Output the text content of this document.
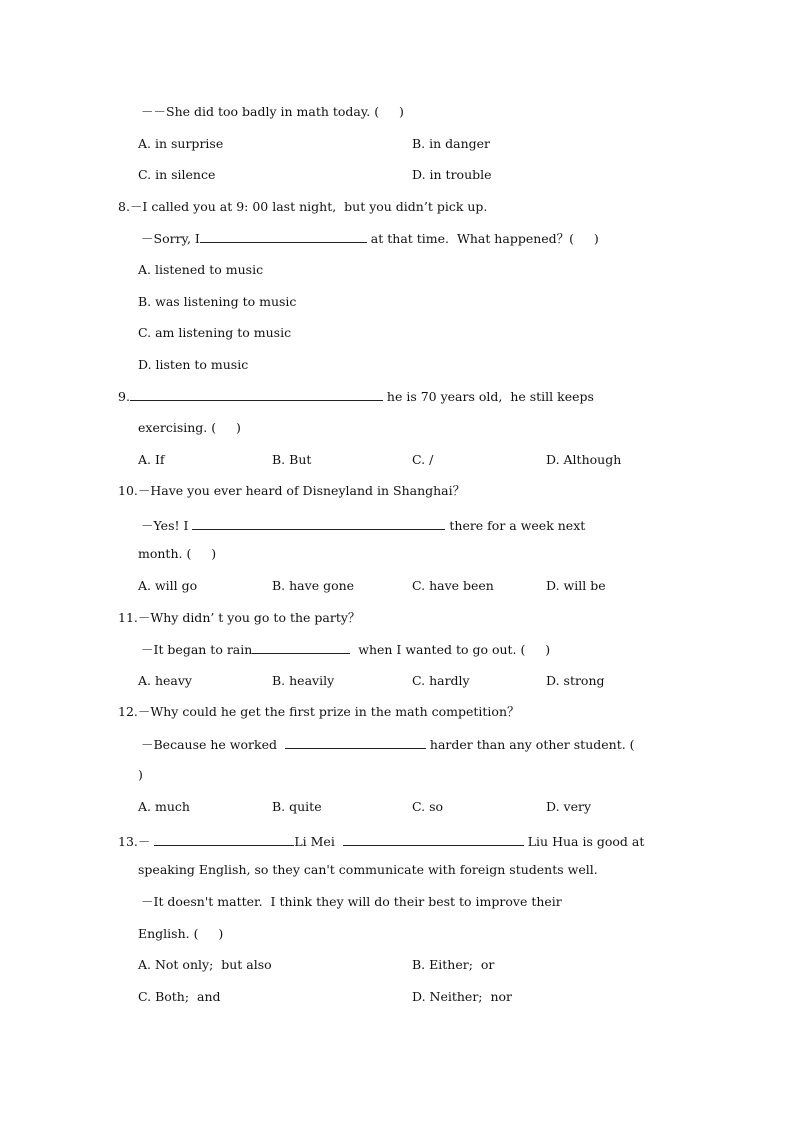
－－She did too badly in math today. (     )
A. in surprise	B. in danger
C. in silence	D. in trouble
8.－I called you at 9: 00 last night,  but you didn’t pick up.
－Sorry, I	at that time.  What happened？(     )
A. listened to music
B. was listening to music
C. am listening to music
D. listen to music
9.	he is 70 years old,  he still keeps
exercising. (     )
A. If	B. But	C. /	D. Although
10.－Have you ever heard of Disneyland in Shanghai？
－Yes! I	there for a week next
month. (     )
A. will go	B. have gone	C. have been	D. will be
11.－Why didn’ t you go to the party？
－It began to rain	when I wanted to go out. (     )
A. heavy	B. heavily	C. hardly	D. strong
12.－Why could he get the first prize in the math competition？
－Because he worked	harder than any other student. (
)
A. much	B. quite	C. so	D. very
13.－	Li Mei	Liu Hua is good at
speaking English, so they can't communicate with foreign students well.
－It doesn't matter.  I think they will do their best to improve their
English. (     )
A. Not only;  but also	B. Either;  or
C. Both;  and	D. Neither;  nor
